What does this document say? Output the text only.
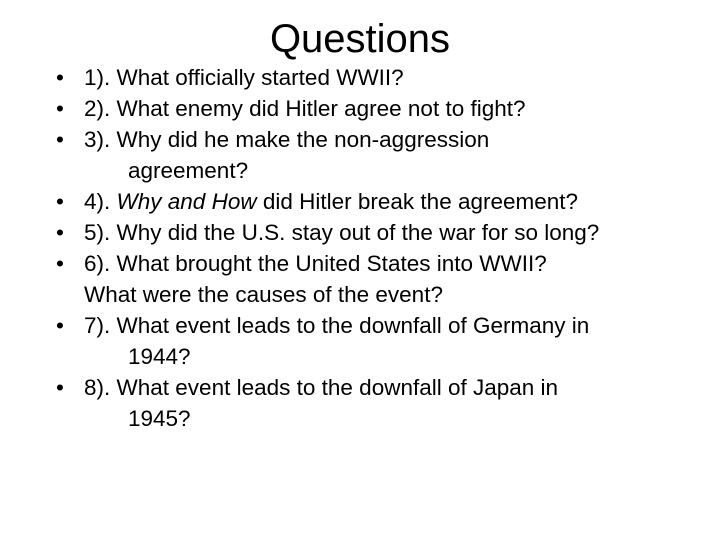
Questions
• 1). What officially started WWII?
• 2). What enemy did Hitler agree not to fight?
• 3). Why did he make the non-aggression
agreement?
• 4). Why and How did Hitler break the agreement?
• 5). Why did the U.S. stay out of the war for so long?
• 6). What brought the United States into WWII?
What were the causes of the event?
• 7). What event leads to the downfall of Germany in
1944?
• 8). What event leads to the downfall of Japan in
1945?
